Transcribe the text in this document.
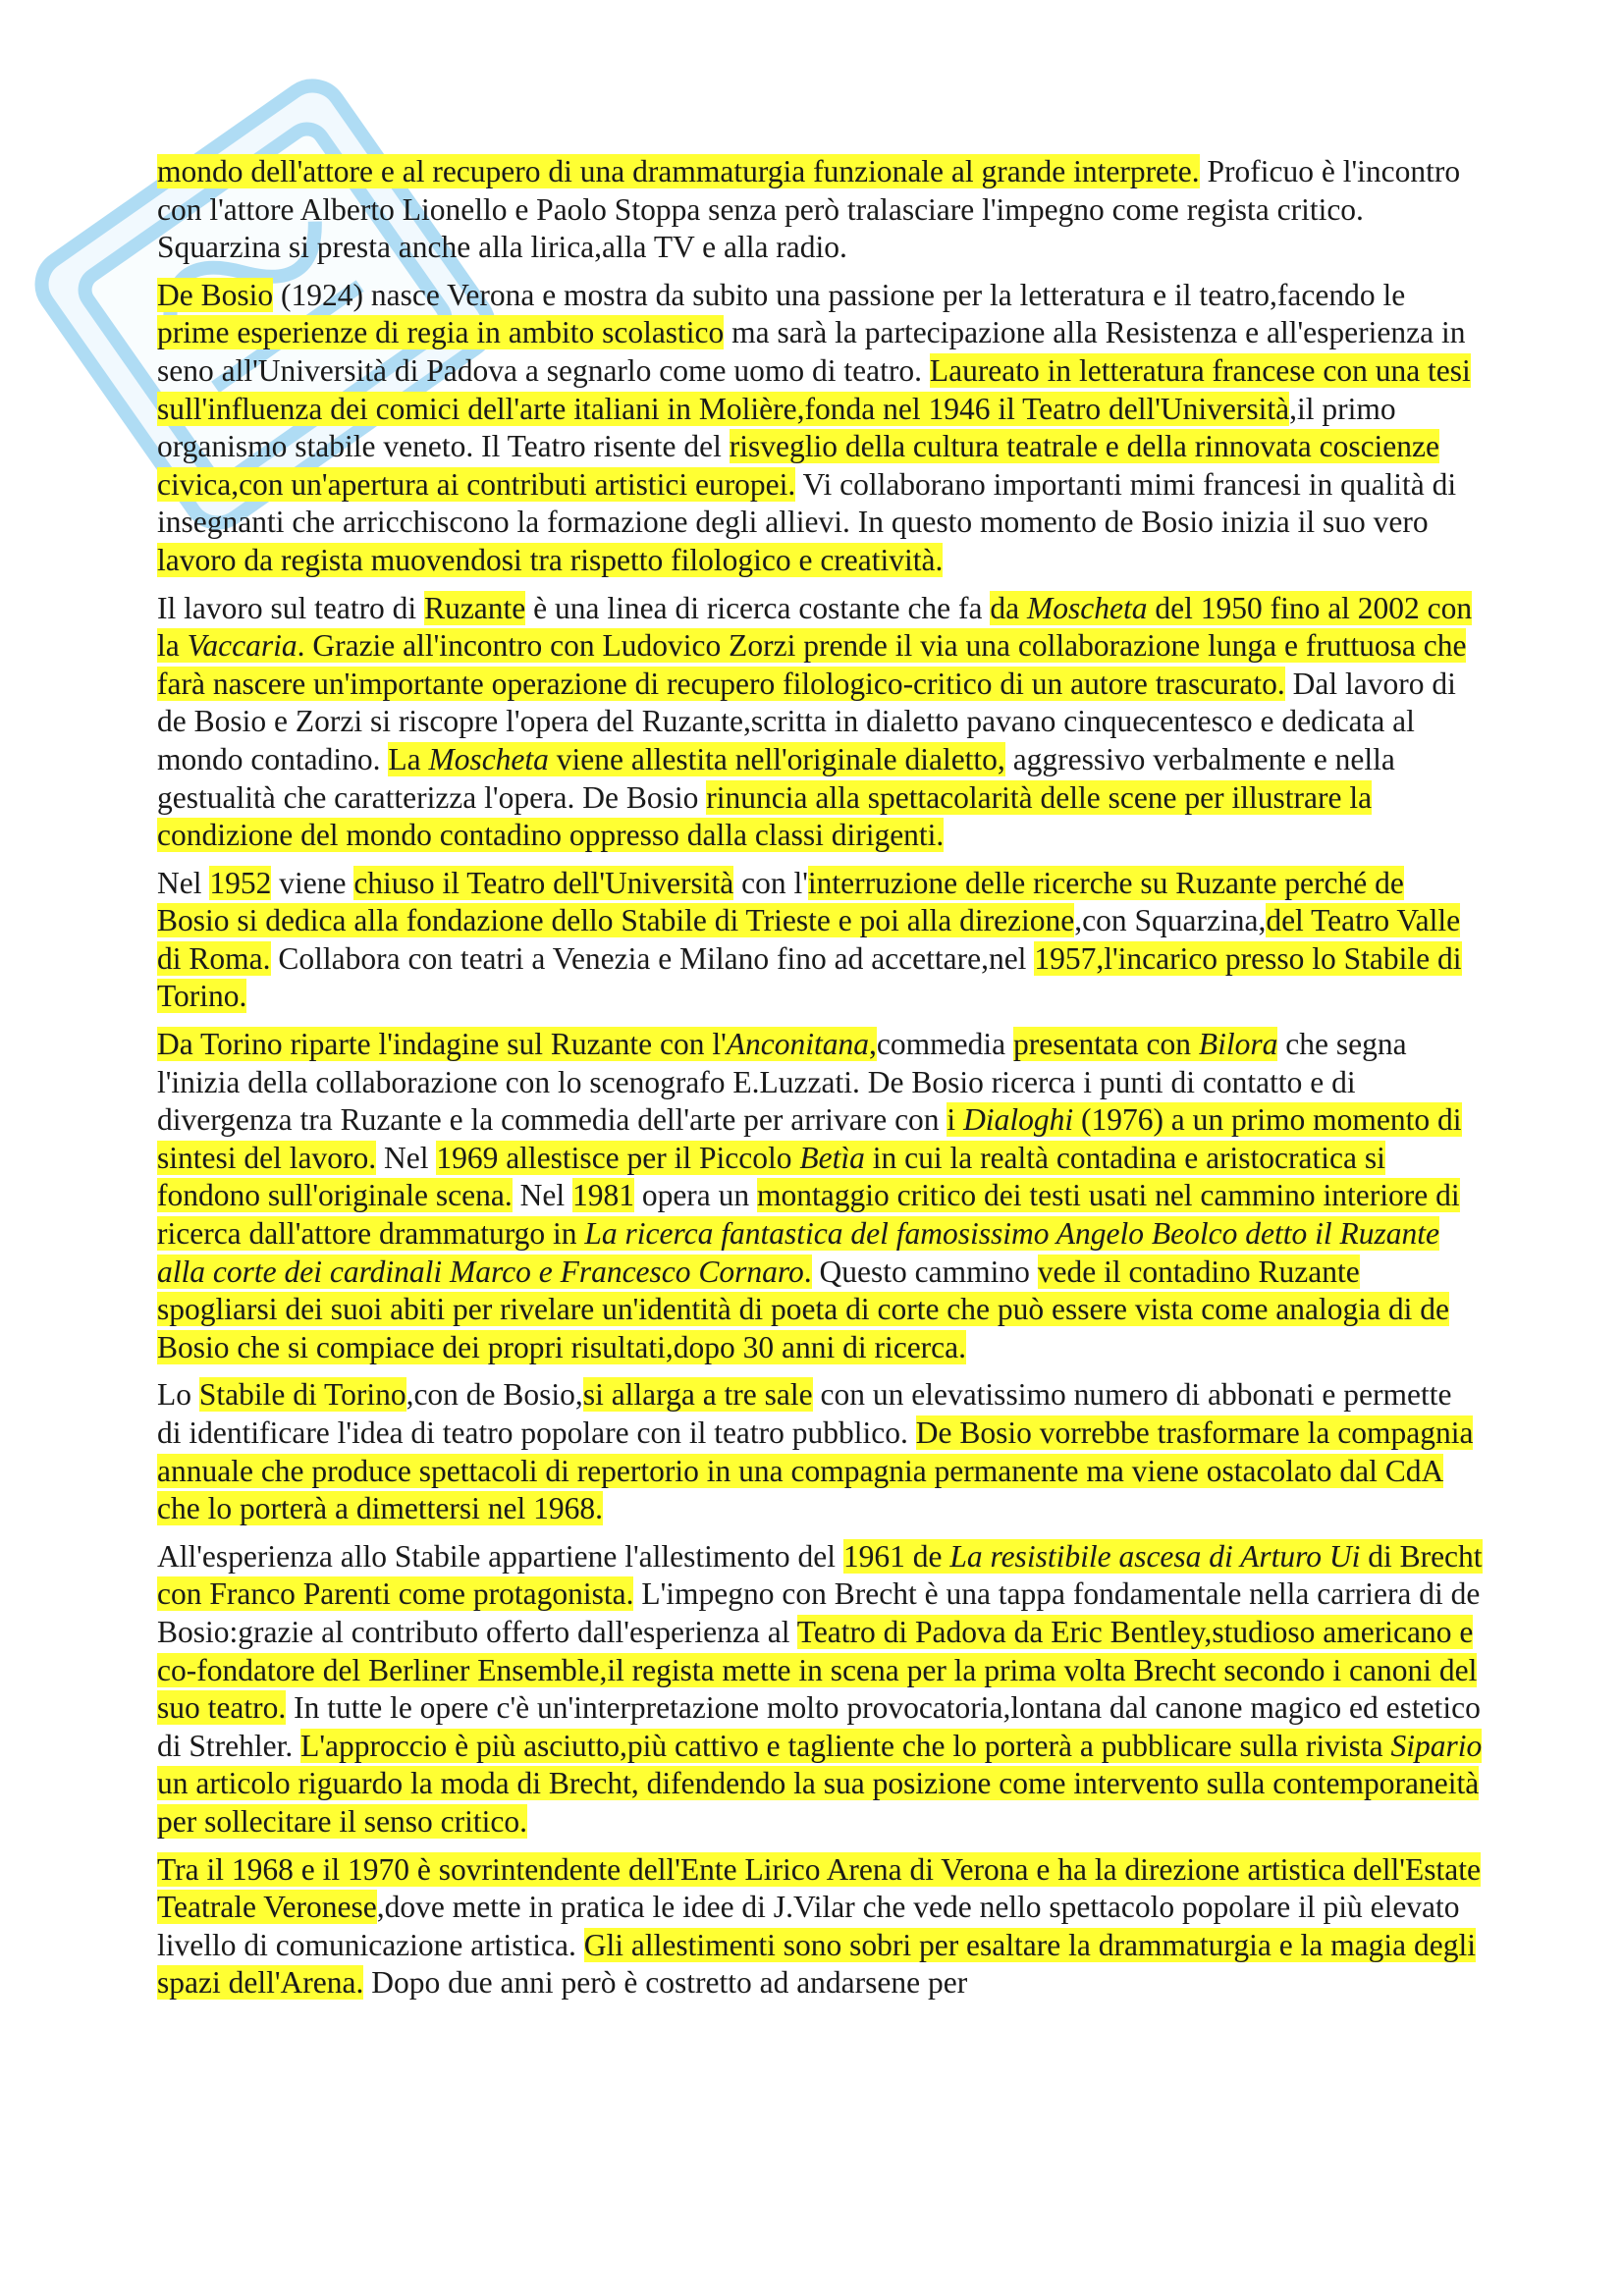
mondo dell'attore e al recupero di una drammaturgia funzionale al grande interprete. Proficuo è l'incontro con l'attore Alberto Lionello e Paolo Stoppa senza però tralasciare l'impegno come regista critico.

Squarzina si presta anche alla lirica,alla TV e alla radio.

De Bosio (1924) nasce Verona e mostra da subito una passione per la letteratura e il teatro,facendo le prime esperienze di regia in ambito scolastico ma sarà la partecipazione alla Resistenza e all'esperienza in seno all'Università di Padova a segnarlo come uomo di teatro. Laureato in letteratura francese con una tesi sull'influenza dei comici dell'arte italiani in Molière,fonda nel 1946 il Teatro dell'Università,il primo organismo stabile veneto. Il Teatro risente del risveglio della cultura teatrale e della rinnovata coscienze civica,con un'apertura ai contributi artistici europei. Vi collaborano importanti mimi francesi in qualità di insegnanti che arricchiscono la formazione degli allievi. In questo momento de Bosio inizia il suo vero lavoro da regista muovendosi tra rispetto filologico e creatività.

Il lavoro sul teatro di Ruzante è una linea di ricerca costante che fa da Moscheta del 1950 fino al 2002 con la Vaccaria. Grazie all'incontro con Ludovico Zorzi prende il via una collaborazione lunga e fruttuosa che farà nascere un'importante operazione di recupero filologico-critico di un autore trascurato. Dal lavoro di de Bosio e Zorzi si riscopre l'opera del Ruzante,scritta in dialetto pavano cinquecentesco e dedicata al mondo contadino. La Moscheta viene allestita nell'originale dialetto, aggressivo verbalmente e nella gestualità che caratterizza l'opera. De Bosio rinuncia alla spettacolarità delle scene per illustrare la condizione del mondo contadino oppresso dalla classi dirigenti.

Nel 1952 viene chiuso il Teatro dell'Università con l'interruzione delle ricerche su Ruzante perché de Bosio si dedica alla fondazione dello Stabile di Trieste e poi alla direzione,con Squarzina,del Teatro Valle di Roma. Collabora con teatri a Venezia e Milano fino ad accettare,nel 1957,l'incarico presso lo Stabile di Torino.

Da Torino riparte l'indagine sul Ruzante con l'Anconitana,commedia presentata con Bilora che segna l'inizia della collaborazione con lo scenografo E.Luzzati. De Bosio ricerca i punti di contatto e di divergenza tra Ruzante e la commedia dell'arte per arrivare con i Dialoghi (1976) a un primo momento di sintesi del lavoro. Nel 1969 allestisce per il Piccolo Betìa in cui la realtà contadina e aristocratica si fondono sull'originale scena. Nel 1981 opera un montaggio critico dei testi usati nel cammino interiore di ricerca dall'attore drammaturgo in La ricerca fantastica del famosissimo Angelo Beolco detto il Ruzante alla corte dei cardinali Marco e Francesco Cornaro. Questo cammino vede il contadino Ruzante spogliarsi dei suoi abiti per rivelare un'identità di poeta di corte che può essere vista come analogia di de Bosio che si compiace dei propri risultati,dopo 30 anni di ricerca.

Lo Stabile di Torino,con de Bosio,si allarga a tre sale con un elevatissimo numero di abbonati e permette di identificare l'idea di teatro popolare con il teatro pubblico. De Bosio vorrebbe trasformare la compagnia annuale che produce spettacoli di repertorio in una compagnia permanente ma viene ostacolato dal CdA che lo porterà a dimettersi nel 1968.

All'esperienza allo Stabile appartiene l'allestimento del 1961 de La resistibile ascesa di Arturo Ui di Brecht con Franco Parenti come protagonista. L'impegno con Brecht è una tappa fondamentale nella carriera di de Bosio:grazie al contributo offerto dall'esperienza al Teatro di Padova da Eric Bentley,studioso americano e co-fondatore del Berliner Ensemble,il regista mette in scena per la prima volta Brecht secondo i canoni del suo teatro. In tutte le opere c'è un'interpretazione molto provocatoria,lontana dal canone magico ed estetico di Strehler. L'approccio è più asciutto,più cattivo e tagliente che lo porterà a pubblicare sulla rivista Sipario un articolo riguardo la moda di Brecht, difendendo la sua posizione come intervento sulla contemporaneità per sollecitare il senso critico.

Tra il 1968 e il 1970 è sovrintendente dell'Ente Lirico Arena di Verona e ha la direzione artistica dell'Estate Teatrale Veronese,dove mette in pratica le idee di J.Vilar che vede nello spettacolo popolare il più elevato livello di comunicazione artistica. Gli allestimenti sono sobri per esaltare la drammaturgia e la magia degli spazi dell'Arena. Dopo due anni però è costretto ad andarsene per
